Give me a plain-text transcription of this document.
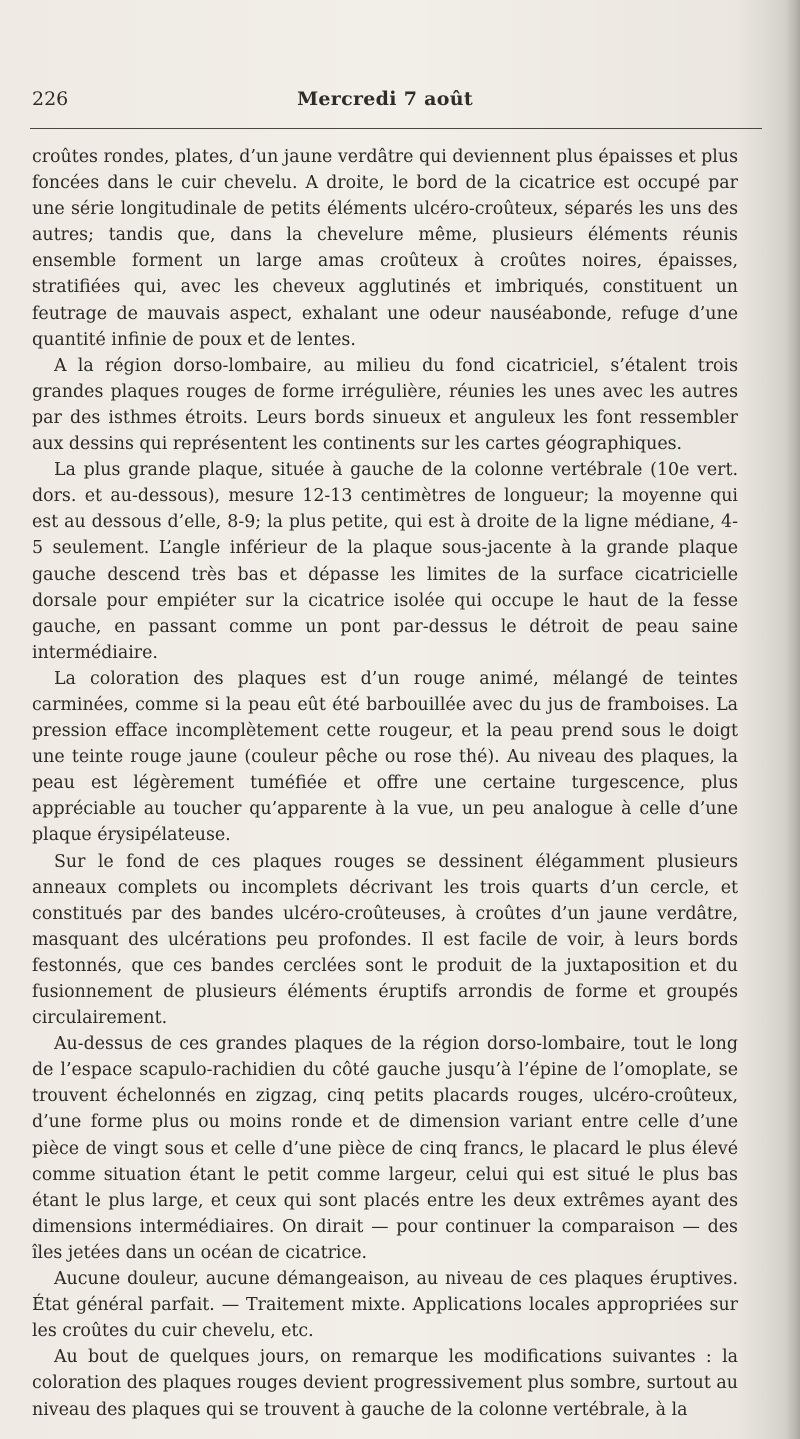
226	Mercredi 7 août

croûtes rondes, plates, d’un jaune verdâtre qui deviennent plus épaisses et plus foncées dans le cuir chevelu. A droite, le bord de la cicatrice est occupé par une série longitudinale de petits éléments ulcéro-croûteux, séparés les uns des autres; tandis que, dans la chevelure même, plusieurs éléments réunis ensemble forment un large amas croûteux à croûtes noires, épaisses, stratifiées qui, avec les cheveux agglutinés et imbriqués, constituent un feutrage de mauvais aspect, exhalant une odeur nauséabonde, refuge d’une quantité infinie de poux et de lentes.

A la région dorso-lombaire, au milieu du fond cicatriciel, s’étalent trois grandes plaques rouges de forme irrégulière, réunies les unes avec les autres par des isthmes étroits. Leurs bords sinueux et anguleux les font ressembler aux dessins qui représentent les continents sur les cartes géographiques.

La plus grande plaque, située à gauche de la colonne vertébrale (10e vert. dors. et au-dessous), mesure 12-13 centimètres de longueur; la moyenne qui est au dessous d’elle, 8-9; la plus petite, qui est à droite de la ligne médiane, 4-5 seulement. L’angle inférieur de la plaque sous-jacente à la grande plaque gauche descend très bas et dépasse les limites de la surface cicatricielle dorsale pour empiéter sur la cicatrice isolée qui occupe le haut de la fesse gauche, en passant comme un pont par-dessus le détroit de peau saine intermédiaire.

La coloration des plaques est d’un rouge animé, mélangé de teintes carminées, comme si la peau eût été barbouillée avec du jus de framboises. La pression efface incomplètement cette rougeur, et la peau prend sous le doigt une teinte rouge jaune (couleur pêche ou rose thé). Au niveau des plaques, la peau est légèrement tuméfiée et offre une certaine turgescence, plus appréciable au toucher qu’apparente à la vue, un peu analogue à celle d’une plaque érysipélateuse.

Sur le fond de ces plaques rouges se dessinent élégamment plusieurs anneaux complets ou incomplets décrivant les trois quarts d’un cercle, et constitués par des bandes ulcéro-croûteuses, à croûtes d’un jaune verdâtre, masquant des ulcérations peu profondes. Il est facile de voir, à leurs bords festonnés, que ces bandes cerclées sont le produit de la juxtaposition et du fusionnement de plusieurs éléments éruptifs arrondis de forme et groupés circulairement.

Au-dessus de ces grandes plaques de la région dorso-lombaire, tout le long de l’espace scapulo-rachidien du côté gauche jusqu’à l’épine de l’omoplate, se trouvent échelonnés en zigzag, cinq petits placards rouges, ulcéro-croûteux, d’une forme plus ou moins ronde et de dimension variant entre celle d’une pièce de vingt sous et celle d’une pièce de cinq francs, le placard le plus élevé comme situation étant le petit comme largeur, celui qui est situé le plus bas étant le plus large, et ceux qui sont placés entre les deux extrêmes ayant des dimensions intermédiaires. On dirait — pour continuer la comparaison — des îles jetées dans un océan de cicatrice.

Aucune douleur, aucune démangeaison, au niveau de ces plaques éruptives. État général parfait. — Traitement mixte. Applications locales appropriées sur les croûtes du cuir chevelu, etc.

Au bout de quelques jours, on remarque les modifications suivantes : la coloration des plaques rouges devient progressivement plus sombre, surtout au niveau des plaques qui se trouvent à gauche de la colonne vertébrale, à la
